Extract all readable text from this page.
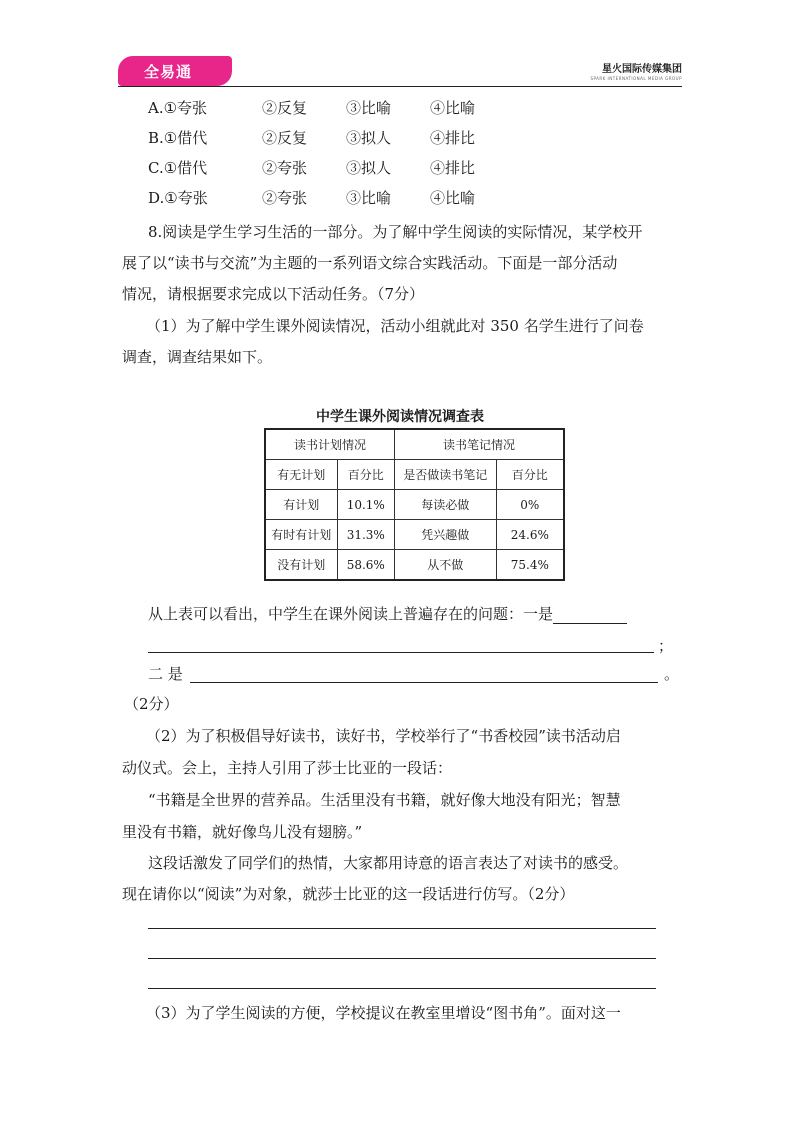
全易通	星火国际传媒集团
SPARK INTERNATIONAL MEDIA GROUP
A.①夸张	②反复	③比喻	④比喻
B.①借代	②反复	③拟人	④排比
C.①借代	②夸张	③拟人	④排比
D.①夸张	②夸张	③比喻	④比喻
8.阅读是学生学习生活的一部分。为了解中学生阅读的实际情况，某学校开
展了以“读书与交流”为主题的一系列语文综合实践活动。下面是一部分活动
情况，请根据要求完成以下活动任务。（7分）
（1）为了解中学生课外阅读情况，活动小组就此对 350 名学生进行了问卷
调查，调查结果如下。
中学生课外阅读情况调查表
读书计划情况		读书笔记情况	
有无计划	百分比	是否做读书笔记	百分比
有计划	10.1%	每读必做	0%
有时有计划	31.3%	凭兴趣做	24.6%
没有计划	58.6%	从不做	75.4%
从上表可以看出，中学生在课外阅读上普遍存在的问题：一是
；
二 是	。
（2分）
（2）为了积极倡导好读书，读好书，学校举行了“书香校园”读书活动启
动仪式。会上，主持人引用了莎士比亚的一段话：
“书籍是全世界的营养品。生活里没有书籍，就好像大地没有阳光；智慧
里没有书籍，就好像鸟儿没有翅膀。”
这段话激发了同学们的热情，大家都用诗意的语言表达了对读书的感受。
现在请你以“阅读”为对象，就莎士比亚的这一段话进行仿写。（2分）
（3）为了学生阅读的方便，学校提议在教室里增设“图书角”。面对这一
